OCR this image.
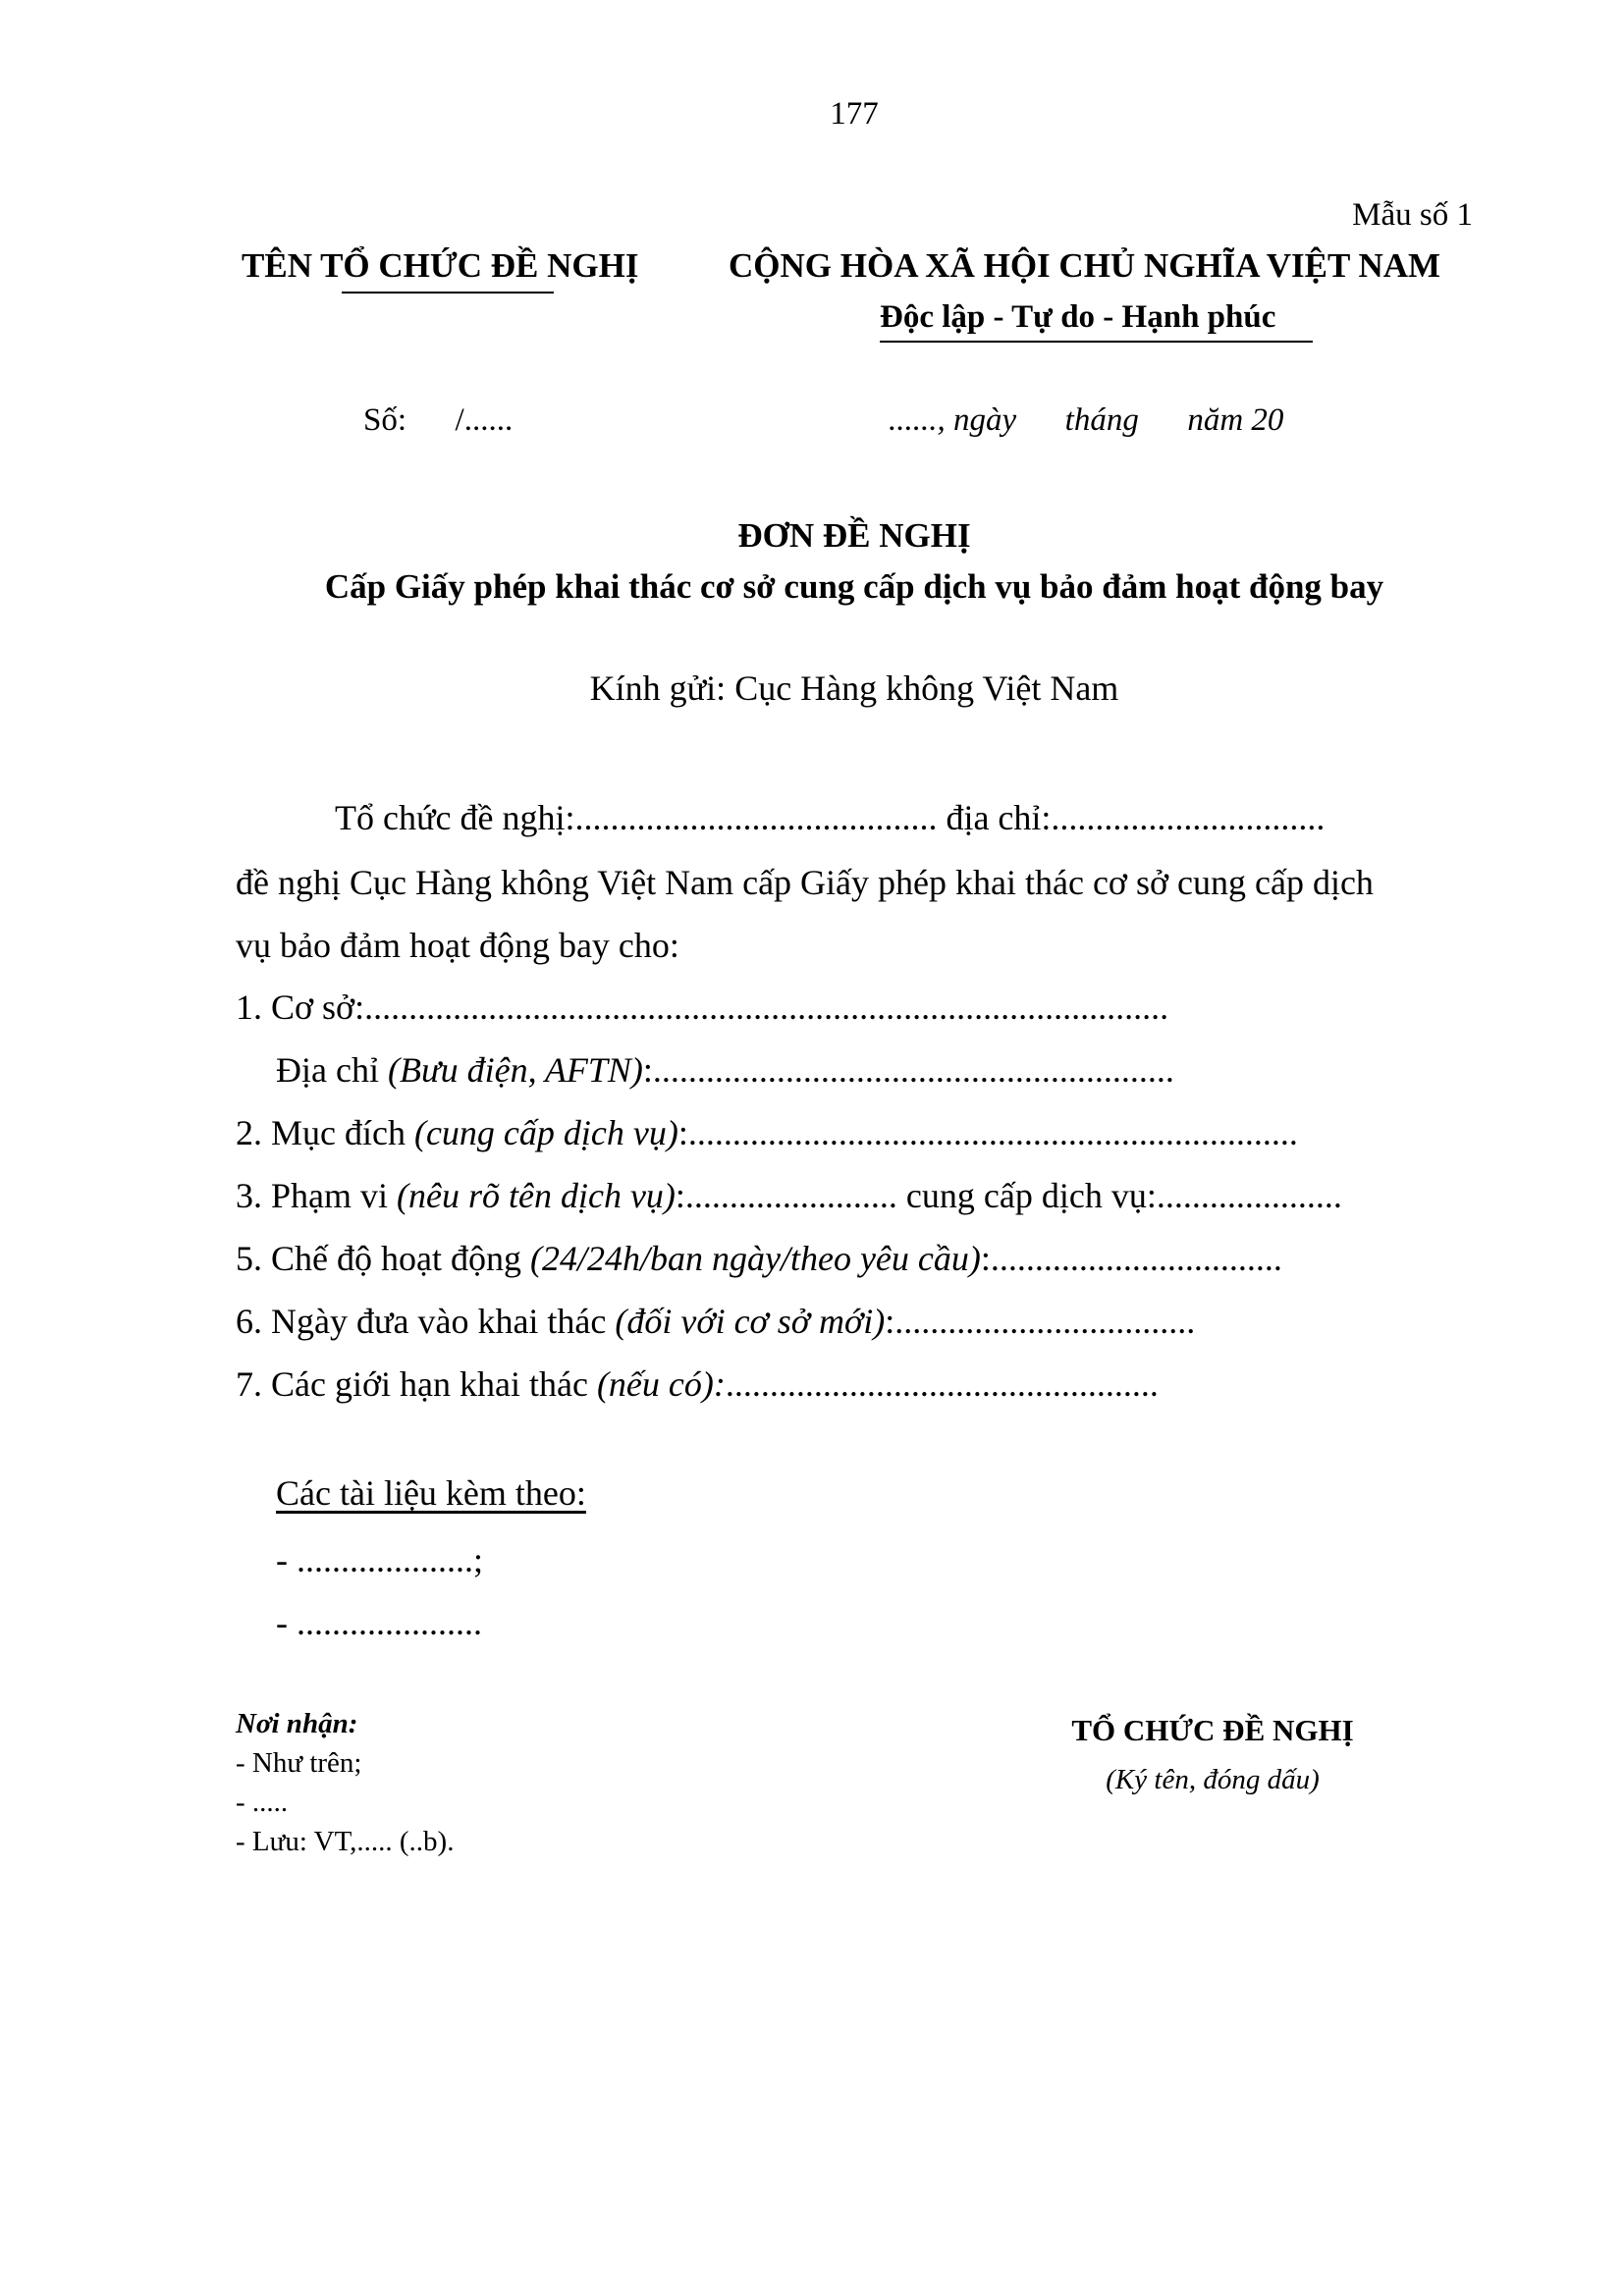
177
Mẫu số 1
TÊN TỔ CHỨC ĐỀ NGHỊ	CỘNG HÒA XÃ HỘI CHỦ NGHĨA VIỆT NAM
Độc lập - Tự do - Hạnh phúc
Số:      /......	......, ngày      tháng      năm 20
ĐƠN ĐỀ NGHỊ
Cấp Giấy phép khai thác cơ sở cung cấp dịch vụ bảo đảm hoạt động bay
Kính gửi: Cục Hàng không Việt Nam
Tổ chức đề nghị:......................................... địa chỉ:...............................
đề nghị Cục Hàng không Việt Nam cấp Giấy phép khai thác cơ sở cung cấp dịch
vụ bảo đảm hoạt động bay cho:
1. Cơ sở:...........................................................................................
Địa chỉ (Bưu điện, AFTN):...........................................................
2. Mục đích (cung cấp dịch vụ):.....................................................................
3. Phạm vi (nêu rõ tên dịch vụ):........................ cung cấp dịch vụ:.....................
5. Chế độ hoạt động (24/24h/ban ngày/theo yêu cầu):.................................
6. Ngày đưa vào khai thác (đối với cơ sở mới):..................................
7. Các giới hạn khai thác (nếu có):.................................................
Các tài liệu kèm theo:
- ....................;
- .....................
Nơi nhận:
- Như trên;
- .....
- Lưu: VT,..... (..b).
TỔ CHỨC ĐỀ NGHỊ
(Ký tên, đóng dấu)
